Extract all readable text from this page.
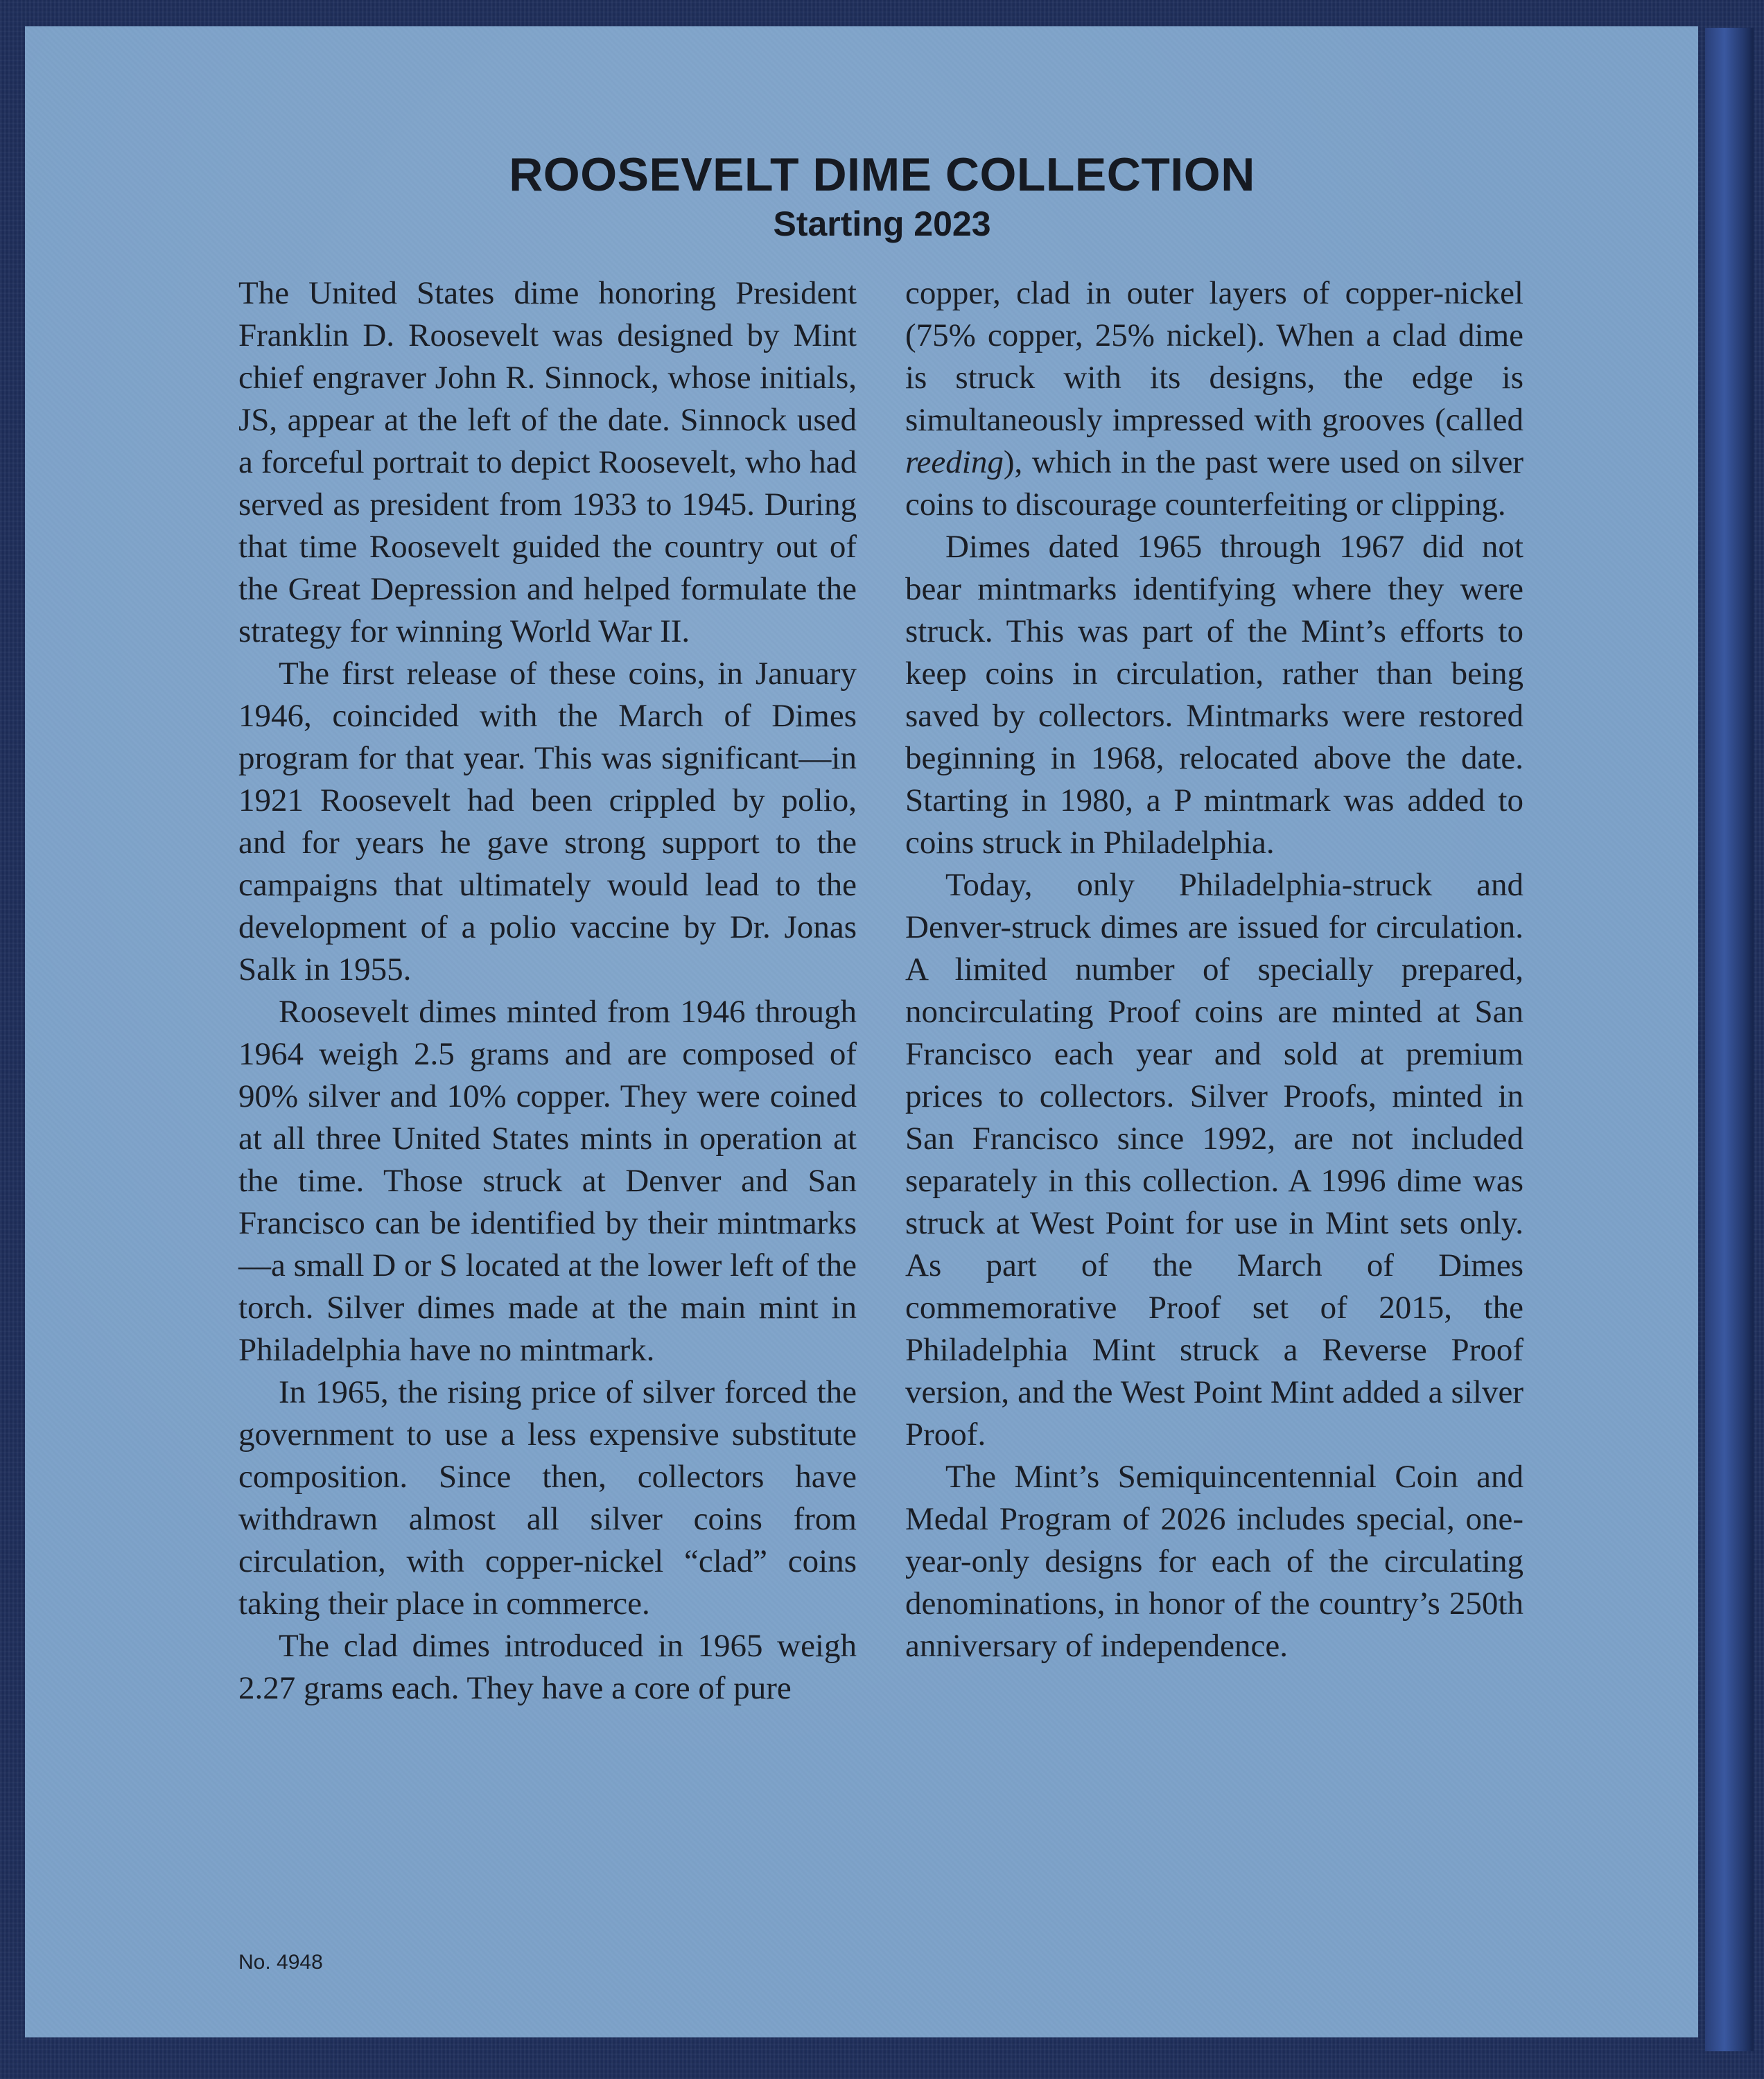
ROOSEVELT DIME COLLECTION
Starting 2023

The United States dime honoring President Franklin D. Roosevelt was designed by Mint chief engraver John R. Sinnock, whose initials, JS, appear at the left of the date. Sinnock used a forceful portrait to depict Roosevelt, who had served as president from 1933 to 1945. During that time Roosevelt guided the country out of the Great Depression and helped formulate the strategy for winning World War II.

The first release of these coins, in January 1946, coincided with the March of Dimes program for that year. This was significant—in 1921 Roosevelt had been crippled by polio, and for years he gave strong support to the campaigns that ultimately would lead to the development of a polio vaccine by Dr. Jonas Salk in 1955.

Roosevelt dimes minted from 1946 through 1964 weigh 2.5 grams and are composed of 90% silver and 10% copper. They were coined at all three United States mints in operation at the time. Those struck at Denver and San Francisco can be identified by their mintmarks—a small D or S located at the lower left of the torch. Silver dimes made at the main mint in Philadelphia have no mintmark.

In 1965, the rising price of silver forced the government to use a less expensive substitute composition. Since then, collectors have withdrawn almost all silver coins from circulation, with copper-nickel “clad” coins taking their place in commerce.

The clad dimes introduced in 1965 weigh 2.27 grams each. They have a core of pure

copper, clad in outer layers of copper-nickel (75% copper, 25% nickel). When a clad dime is struck with its designs, the edge is simultaneously impressed with grooves (called reeding), which in the past were used on silver coins to discourage counterfeiting or clipping.

Dimes dated 1965 through 1967 did not bear mintmarks identifying where they were struck. This was part of the Mint’s efforts to keep coins in circulation, rather than being saved by collectors. Mintmarks were restored beginning in 1968, relocated above the date. Starting in 1980, a P mintmark was added to coins struck in Philadelphia.

Today, only Philadelphia-struck and Denver-struck dimes are issued for circulation. A limited number of specially prepared, noncirculating Proof coins are minted at San Francisco each year and sold at premium prices to collectors. Silver Proofs, minted in San Francisco since 1992, are not included separately in this collection. A 1996 dime was struck at West Point for use in Mint sets only. As part of the March of Dimes commemorative Proof set of 2015, the Philadelphia Mint struck a Reverse Proof version, and the West Point Mint added a silver Proof.

The Mint’s Semiquincentennial Coin and Medal Program of 2026 includes special, one-year-only designs for each of the circulating denominations, in honor of the country’s 250th anniversary of independence.

No. 4948
